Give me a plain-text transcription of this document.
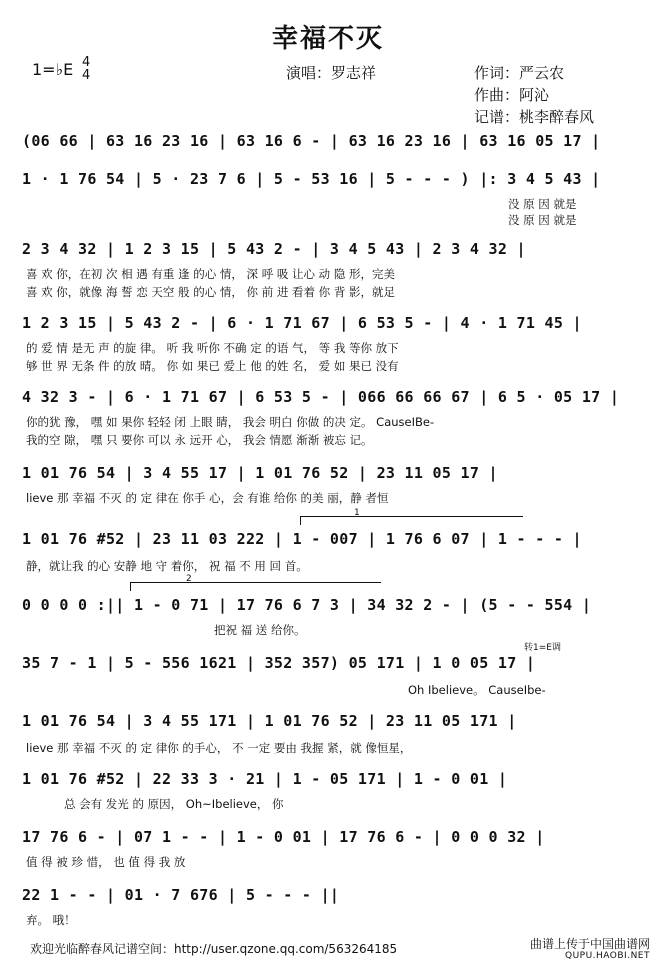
幸福不灭
1=♭E 4
4	演唱：罗志祥	作词：严云农
作曲：阿沁
记谱：桃李醉春风
(06 66 | 63 16 23 16 | 63 16 6 - | 63 16 23 16 | 63 16 05 17 |
1 · 1 76 54 | 5 · 23 7 6 | 5 - 53 16 | 5 - - - ) |: 3 4 5 43 |
没 原 因 就是
没 原 因 就是
2 3 4 32 | 1 2 3 15 | 5 43 2 - | 3 4 5 43 | 2 3 4 32 |
喜 欢 你，在初 次 相 遇 有重 逢 的心 情， 深 呼 吸 让心 动 隐 形，完美
喜 欢 你，就像 海 誓 恋 天空 般 的心 情， 你 前 进 看着 你 背 影，就足
1 2 3 15 | 5 43 2 - | 6 · 1 71 67 | 6 53 5 - | 4 · 1 71 45 |
的 爱 情 是无 声 的旋 律。 听 我 听你 不确 定 的语 气， 等 我 等你 放下
够 世 界 无条 件 的放 晴。 你 如 果已 爱上 他 的姓 名， 爱 如 果已 没有
4 32 3 - | 6 · 1 71 67 | 6 53 5 - | 066 66 66 67 | 6 5 · 05 17 |
你的犹 豫， 嘿 如 果你 轻轻 闭 上眼 睛， 我会 明白 你做 的决 定。 CauseIBe-
我的空 隙， 嘿 只 要你 可以 永 远开 心， 我会 情愿 渐渐 被忘 记。
1 01 76 54 | 3 4 55 17 | 1 01 76 52 | 23 11 05 17 |
lieve 那 幸福 不灭 的 定 律在 你手 心，会 有谁 给你 的美 丽，静 者恒
1
1 01 76 #52 | 23 11 03 222 | 1 - 007 | 1 76 6 07 | 1 - - - |
静，就让我 的心 安静 地 守 着你， 祝 福 不 用 回 首。
2
0 0 0 0 :|| 1 - 0 71 | 17 76 6 7 3 | 34 32 2 - | (5 - - 554 |
把祝 福 送 给你。
转1=E调
35 7 - 1 | 5 - 556 1621 | 352 357) 05 171 | 1 0 05 17 |
Oh Ibelieve。 CauseIbe-
1 01 76 54 | 3 4 55 171 | 1 01 76 52 | 23 11 05 171 |
lieve 那 幸福 不灭 的 定 律你 的手心， 不 一定 要由 我握 紧，就 像恒星，
1 01 76 #52 | 22 33 3 · 21 | 1 - 05 171 | 1 - 0 01 |
总 会有 发光 的 原因， Oh~Ibelieve， 你
17 76 6 - | 07 1 - - | 1 - 0 01 | 17 76 6 - | 0 0 0 32 |
值 得 被 珍 惜， 也 值 得 我 放
22 1 - - | 01 · 7 676 | 5 - - - ||
弃。 哦！
欢迎光临醉春风记谱空间：http://user.qzone.qq.com/563264185	曲谱上传于中国曲谱网
QUPU.HAOBI.NET
